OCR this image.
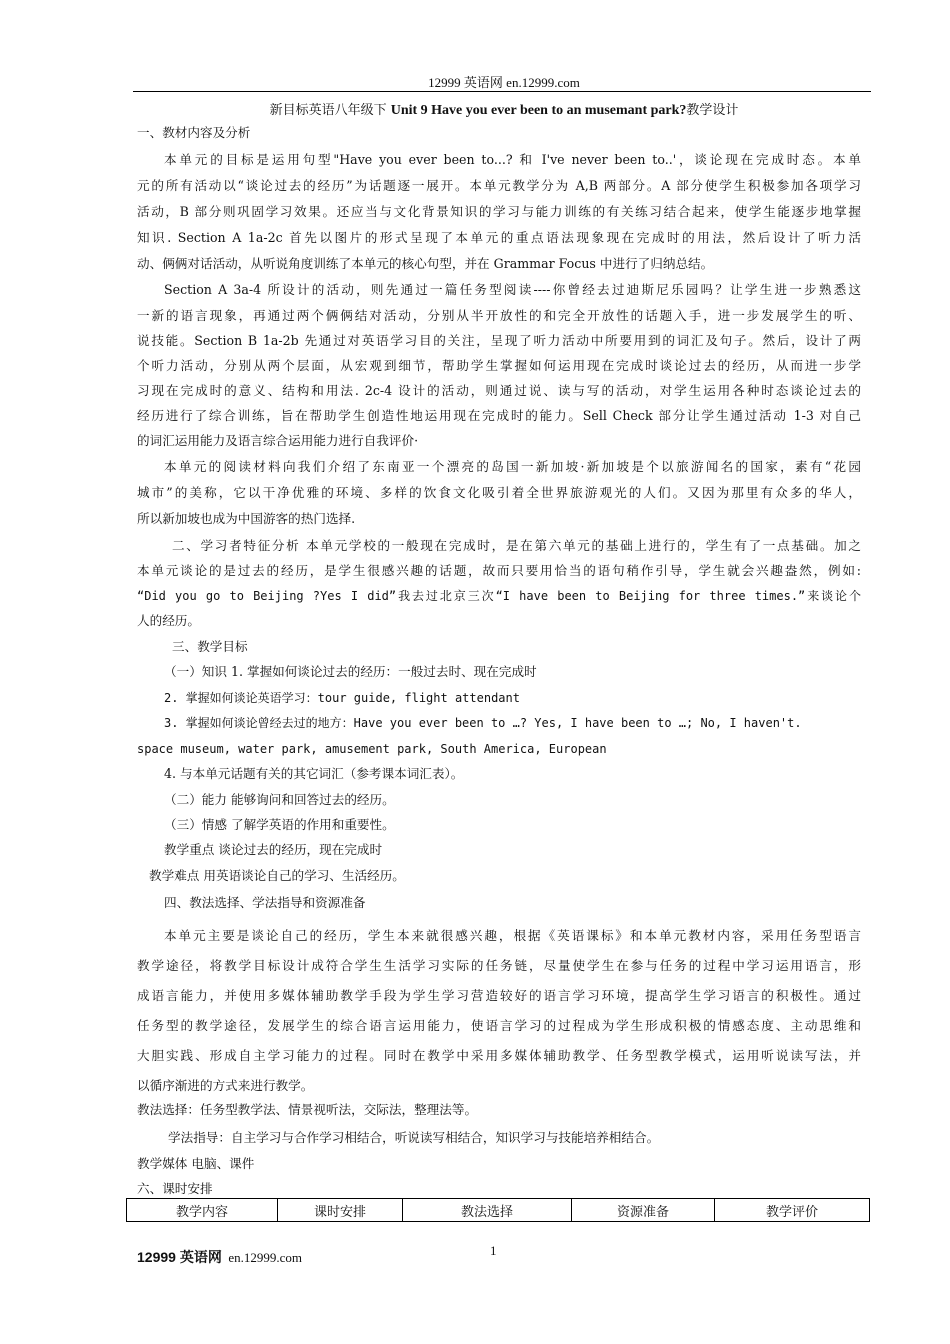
12999 英语网 en.12999.com
新目标英语八年级下 Unit 9 Have you ever been to an musemant park?教学设计
一、教材内容及分析
本单元的目标是运用句型"Have you ever been to...? 和 I've never been to..'，谈论现在完成时态。本单
元的所有活动以“谈论过去的经历”为话题逐一展开。本单元教学分为 A,B 两部分。A 部分使学生积极参加各项学习
活动，B 部分则巩固学习效果。还应当与文化背景知识的学习与能力训练的有关练习结合起来，使学生能逐步地掌握
知识. Section A 1a-2c 首先以图片的形式呈现了本单元的重点语法现象现在完成时的用法，然后设计了听力活
动、俩俩对话活动，从听说角度训练了本单元的核心句型，并在 Grammar Focus 中进行了归纳总结。
Section A 3a-4 所设计的活动，则先通过一篇任务型阅读----你曾经去过迪斯尼乐园吗？让学生进一步熟悉这
一新的语言现象，再通过两个俩俩结对活动，分别从半开放性的和完全开放性的话题入手，进一步发展学生的听、
说技能。Section B 1a-2b 先通过对英语学习目的关注，呈现了听力活动中所要用到的词汇及句子。然后，设计了两
个听力活动，分别从两个层面，从宏观到细节，帮助学生掌握如何运用现在完成时谈论过去的经历，从而进一步学
习现在完成时的意义、结构和用法. 2c-4 设计的活动，则通过说、读与写的活动，对学生运用各种时态谈论过去的
经历进行了综合训练，旨在帮助学生创造性地运用现在完成时的能力。Sell Check 部分让学生通过活动 1-3 对自己
的词汇运用能力及语言综合运用能力进行自我评价·
本单元的阅读材料向我们介绍了东南亚一个漂亮的岛国一新加坡·新加坡是个以旅游闻名的国家，素有“花园
城市”的美称，它以干净优雅的环境、多样的饮食文化吸引着全世界旅游观光的人们。又因为那里有众多的华人，
所以新加坡也成为中国游客的热门选择.
二、学习者特征分析 本单元学校的一般现在完成时，是在第六单元的基础上进行的，学生有了一点基础。加之
本单元谈论的是过去的经历，是学生很感兴趣的话题，故而只要用恰当的语句稍作引导，学生就会兴趣盎然，例如:
“Did you go to Beijing ?Yes I did”我去过北京三次“I have been to Beijing for three times.”来谈论个
人的经历。
三、教学目标
（一）知识 1. 掌握如何谈论过去的经历：一般过去时、现在完成时
2. 掌握如何谈论英语学习：tour guide, flight attendant
3. 掌握如何谈论曾经去过的地方：Have you ever been to …? Yes, I have been to …; No, I haven't.
space museum, water park, amusement park, South America, European
4. 与本单元话题有关的其它词汇（参考课本词汇表）。
（二）能力 能够询问和回答过去的经历。
（三）情感 了解学英语的作用和重要性。
教学重点 谈论过去的经历，现在完成时
教学难点 用英语谈论自己的学习、生活经历。
四、教法选择、学法指导和资源准备
本单元主要是谈论自己的经历，学生本来就很感兴趣，根据《英语课标》和本单元教材内容，采用任务型语言
教学途径，将教学目标设计成符合学生生活学习实际的任务链，尽量使学生在参与任务的过程中学习运用语言，形
成语言能力，并使用多媒体辅助教学手段为学生学习营造较好的语言学习环境，提高学生学习语言的积极性。通过
任务型的教学途径，发展学生的综合语言运用能力，使语言学习的过程成为学生形成积极的情感态度、主动思维和
大胆实践、形成自主学习能力的过程。同时在教学中采用多媒体辅助教学、任务型教学模式，运用听说读写法，并
以循序渐进的方式来进行教学。
教法选择：任务型教学法、情景视听法，交际法，整理法等。
学法指导：自主学习与合作学习相结合，听说读写相结合，知识学习与技能培养相结合。
教学媒体 电脑、课件
六、课时安排
教学内容	课时安排	教法选择	资源准备	教学评价
12999 英语网 en.12999.com	1
